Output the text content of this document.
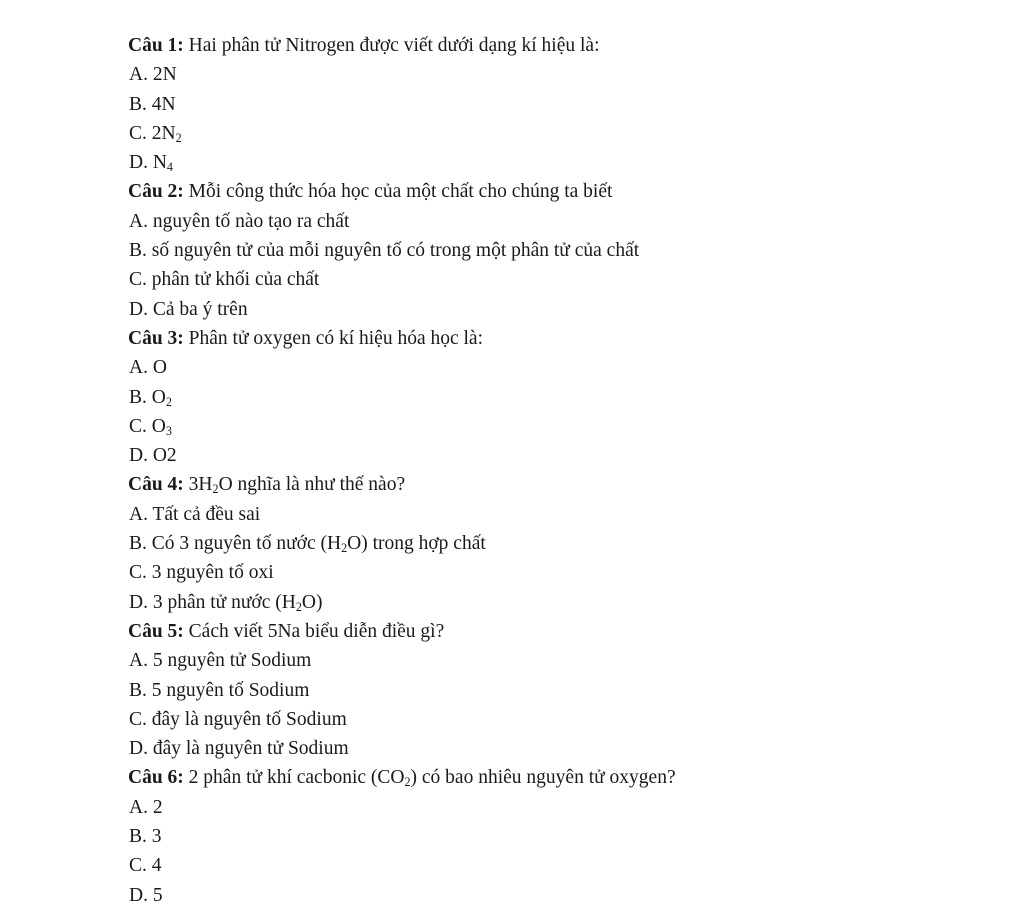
Câu 1: Hai phân tử Nitrogen được viết dưới dạng kí hiệu là:
A. 2N
B. 4N
C. $2N_2$
D. $N_4$
Câu 2: Mỗi công thức hóa học của một chất cho chúng ta biết
A. nguyên tố nào tạo ra chất
B. số nguyên tử của mỗi nguyên tố có trong một phân tử của chất
C. phân tử khối của chất
D. Cả ba ý trên
Câu 3: Phân tử oxygen có kí hiệu hóa học là:
A. O
B. $O_2$
C. $O_3$
D. O2
Câu 4: $3H_2O$ nghĩa là như thế nào?
A. Tất cả đều sai
B. Có 3 nguyên tố nước $(H_2O)$ trong hợp chất
C. 3 nguyên tố oxi
D. 3 phân tử nước $(H_2O)$
Câu 5: Cách viết 5Na biểu diễn điều gì?
A. 5 nguyên tử Sodium
B. 5 nguyên tố Sodium
C. đây là nguyên tố Sodium
D. đây là nguyên tử Sodium
Câu 6: 2 phân tử khí cacbonic $(CO_2)$ có bao nhiêu nguyên tử oxygen?
A. 2
B. 3
C. 4
D. 5
